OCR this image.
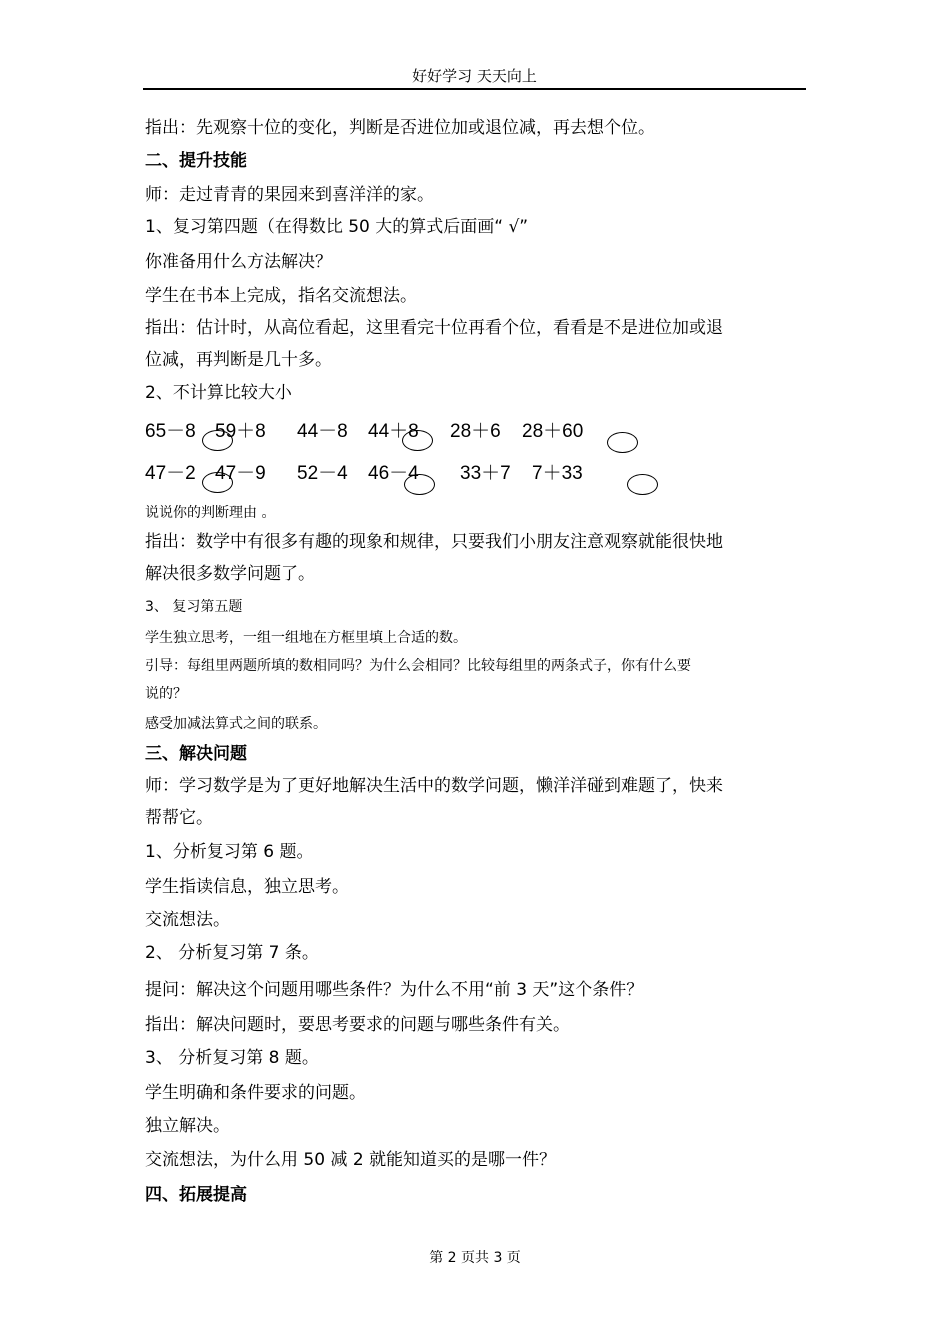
好好学习 天天向上
指出：先观察十位的变化，判断是否进位加或退位减，再去想个位。
二、提升技能
师：走过青青的果园来到喜洋洋的家。
1、复习第四题（在得数比 50 大的算式后面画“ √”
你准备用什么方法解决？
学生在书本上完成，指名交流想法。
指出：估计时，从高位看起，这里看完十位再看个位，看看是不是进位加或退
位减，再判断是几十多。
2、不计算比较大小
65－8 59＋8 44－8 44＋8 28＋6 28＋60
47－2 47－9 52－4 46－4 33＋7 7＋33
说说你的判断理由 。
指出：数学中有很多有趣的现象和规律，只要我们小朋友注意观察就能很快地
解决很多数学问题了。
3、 复习第五题
学生独立思考，一组一组地在方框里填上合适的数。
引导：每组里两题所填的数相同吗？为什么会相同？比较每组里的两条式子，你有什么要
说的？
感受加减法算式之间的联系。
三、解决问题
师：学习数学是为了更好地解决生活中的数学问题，懒洋洋碰到难题了，快来
帮帮它。
1、分析复习第 6 题。
学生指读信息，独立思考。
交流想法。
2、 分析复习第 7 条。
提问：解决这个问题用哪些条件？为什么不用“前 3 天”这个条件？
指出：解决问题时，要思考要求的问题与哪些条件有关。
3、 分析复习第 8 题。
学生明确和条件要求的问题。
独立解决。
交流想法，为什么用 50 减 2 就能知道买的是哪一件？
四、拓展提高
第 2 页共 3 页
